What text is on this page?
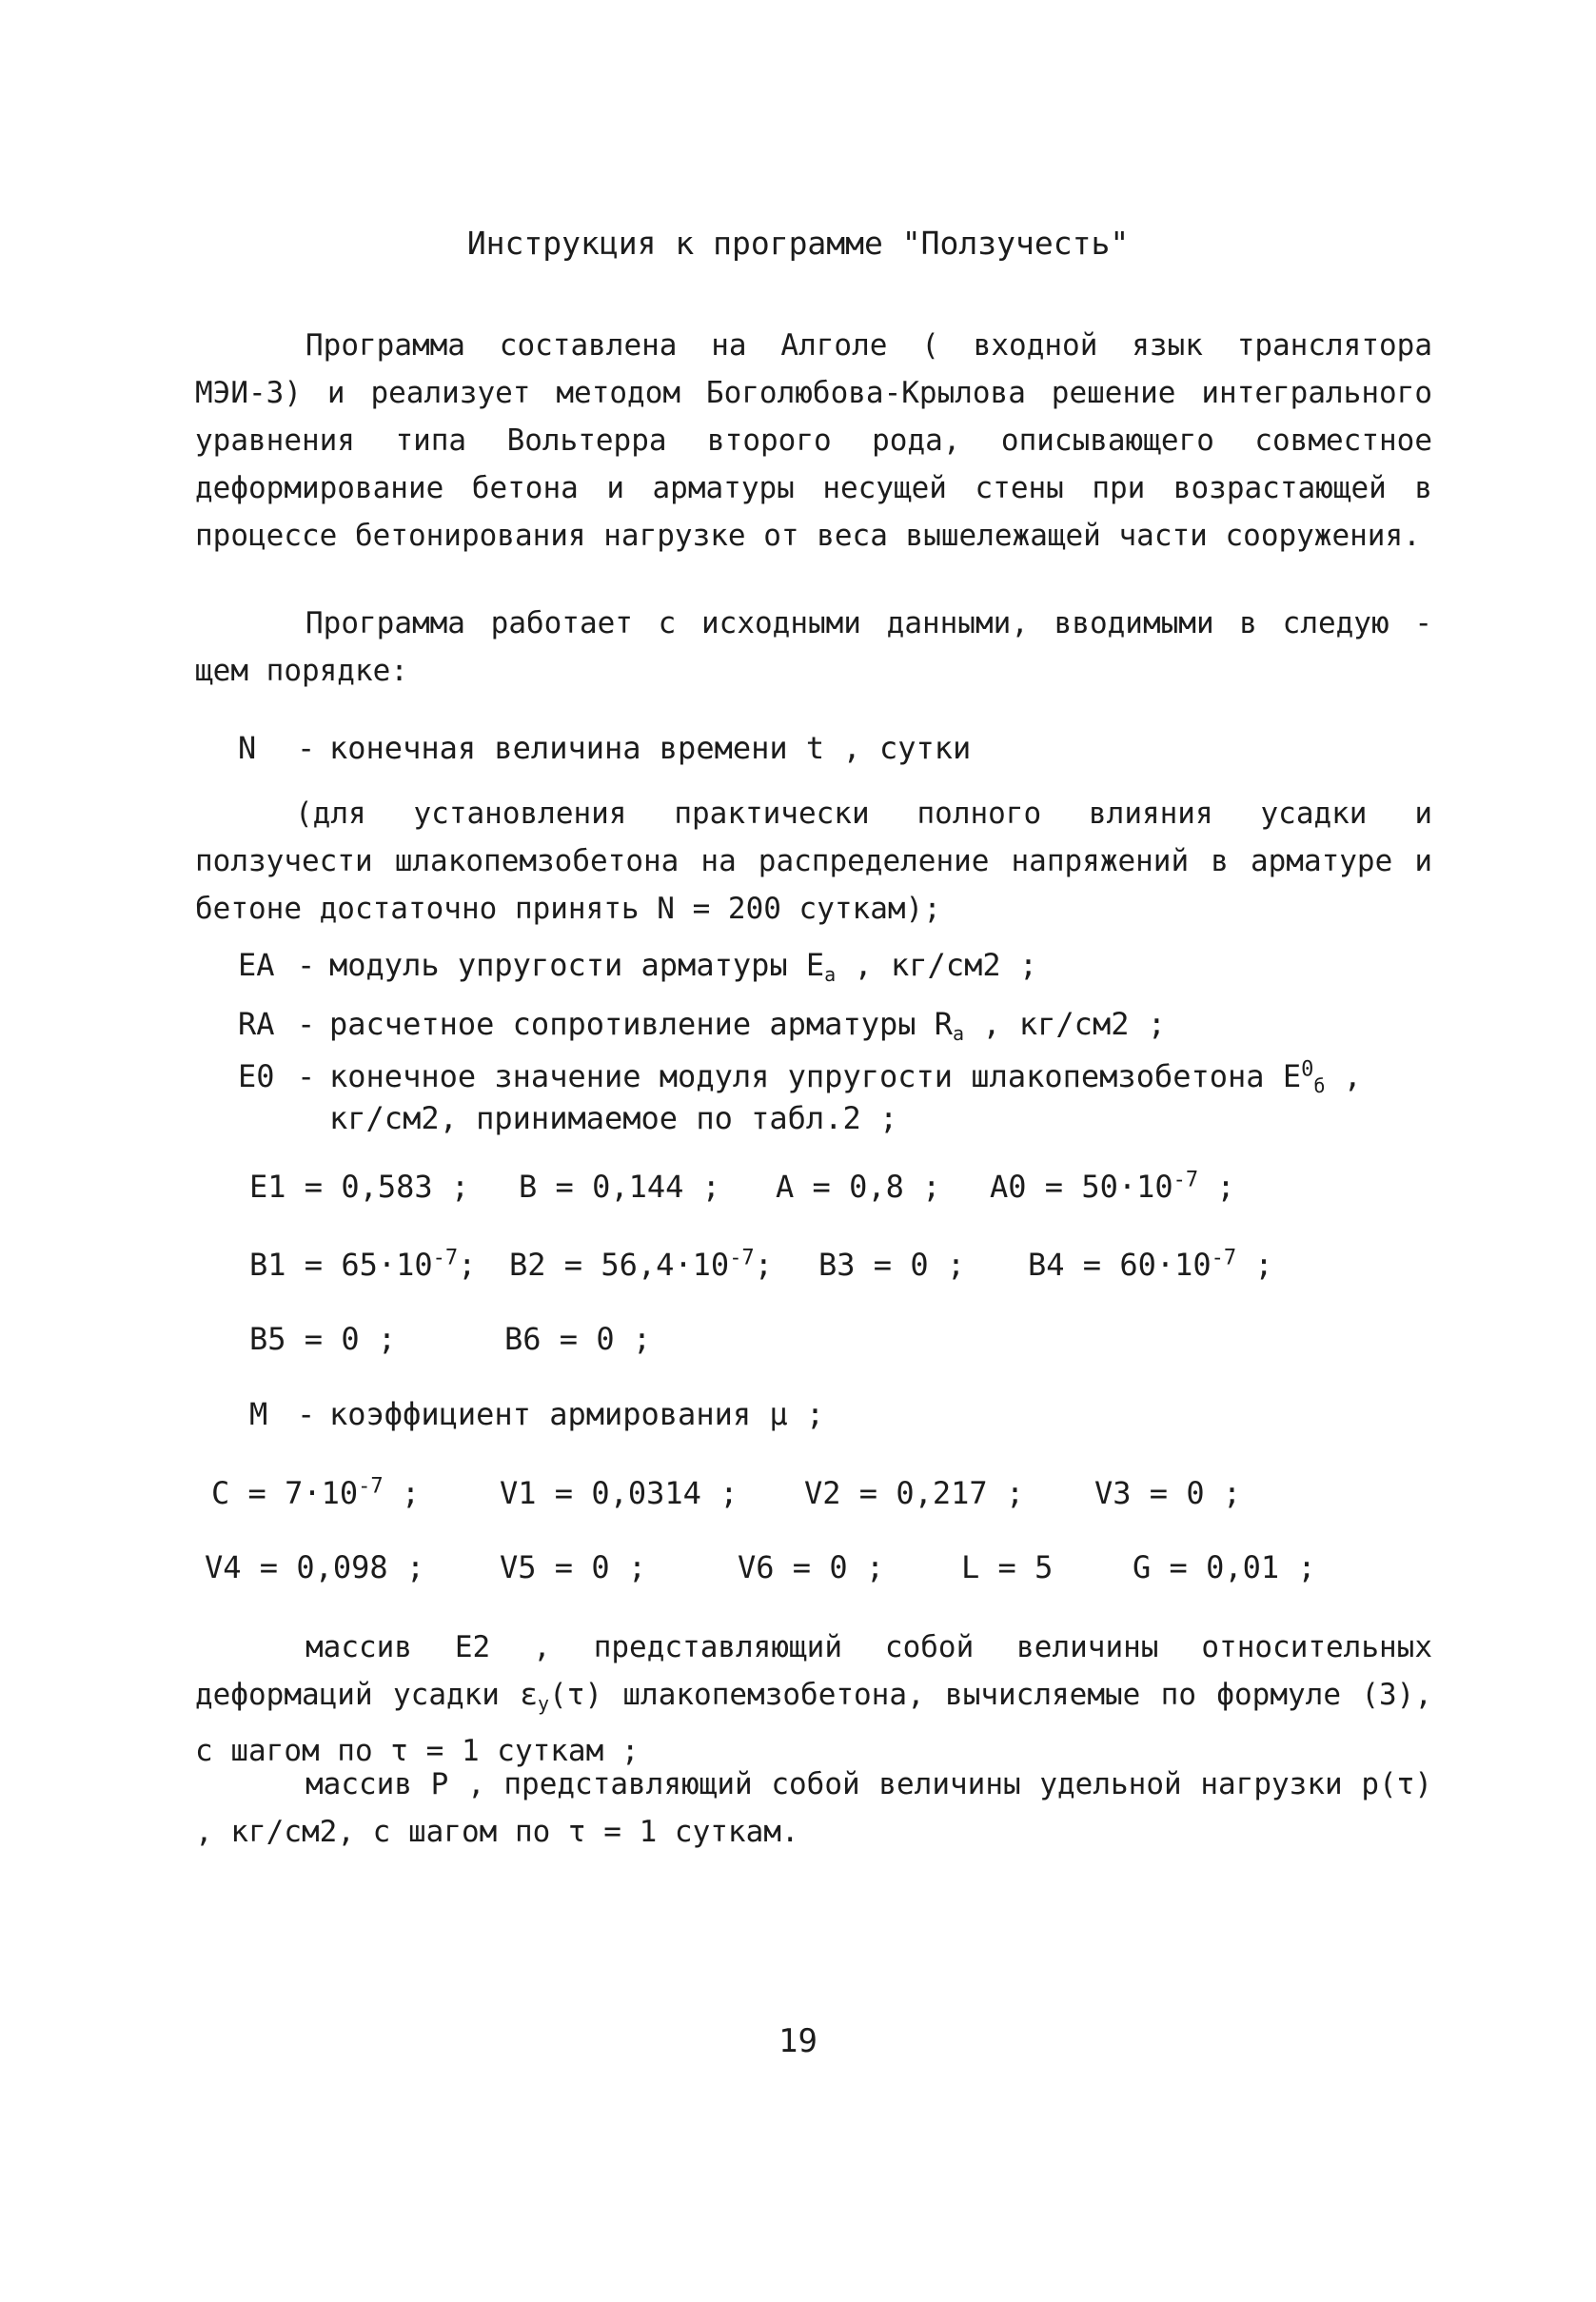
Инструкция к программе "Ползучесть"

Программа составлена на Алголе ( входной язык транслятора МЭИ-3) и реализует методом Боголюбова-Крылова решение интегрального уравнения типа Вольтерра второго рода, описывающего совместное деформирование бетона и арматуры несущей стены при возрастающей в процессе бетонирования нагрузке от веса вышележащей части сооружения.

Программа работает с исходными данными, вводимыми в следую - щем порядке:

N - конечная величина времени t , сутки

(для установления практически полного влияния усадки и ползучести шлакопемзобетона на распределение напряжений в арматуре и бетоне достаточно принять N = 200 суткам);

EA - модуль упругости арматуры $E_a$ , кг/см2 ;
RA - расчетное сопротивление арматуры $R_a$ , кг/см2 ;
E0 - конечное значение модуля упругости шлакопемзобетона $E^0_б$ ,
кг/см2, принимаемое по табл.2 ;
E1 = 0,583 ; B = 0,144 ; A = 0,8 ; $A0 = 50\cdot 10^{-7}$ ;
$B1 = 65\cdot 10^{-7}$; $B2 = 56,4\cdot 10^{-7}$; B3 = 0 ; $B4 = 60\cdot 10^{-7}$ ;
B5 = 0 ;	B6 = 0 ;
M - коэффициент армирования μ ;
$C = 7\cdot 10^{-7}$ ;	V1 = 0,0314 ; V2 = 0,217 ; V3 = 0 ;
V4 = 0,098 ; V5 = 0 ;	V6 = 0 ;	L = 5	G = 0,01 ;

массив E2 , представляющий собой величины относительных деформаций усадки $\varepsilon_у(\tau)$ шлакопемзобетона, вычисляемые по формуле (3), с шагом по τ = 1 суткам ;

массив P , представляющий собой величины удельной нагрузки p(τ) , кг/см2, с шагом по τ = 1 суткам.

19
